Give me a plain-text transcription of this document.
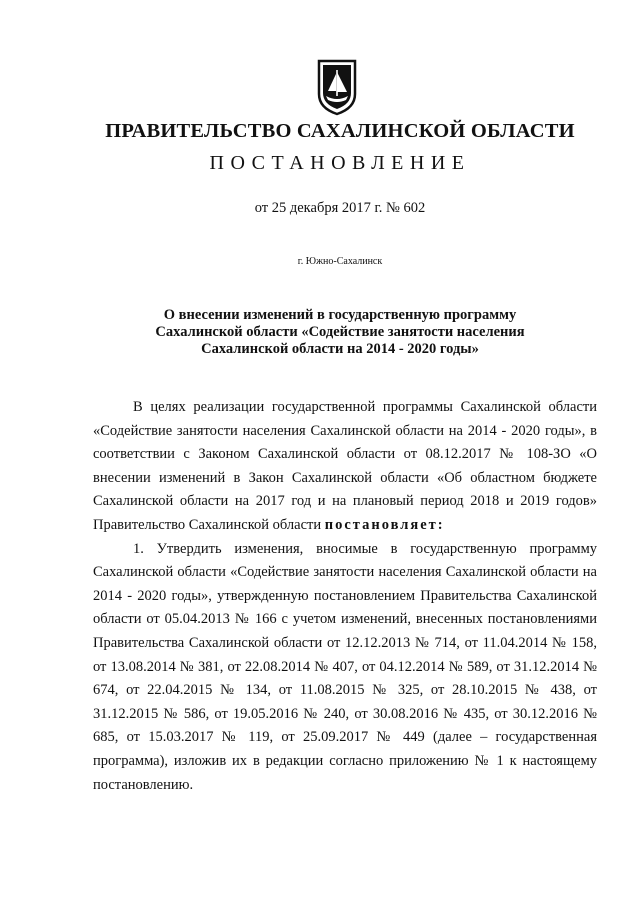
ПРАВИТЕЛЬСТВО САХАЛИНСКОЙ ОБЛАСТИ
ПОСТАНОВЛЕНИЕ
от 25 декабря 2017 г. № 602
г. Южно-Сахалинск
О внесении изменений в государственную программу
Сахалинской области «Содействие занятости населения
Сахалинской области на 2014 - 2020 годы»

В целях реализации государственной программы Сахалинской области «Содействие занятости населения Сахалинской области на 2014 - 2020 годы», в соответствии с Законом Сахалинской области от 08.12.2017 № 108-ЗО «О внесении изменений в Закон Сахалинской области «Об областном бюджете Сахалинской области на 2017 год и на плановый период 2018 и 2019 годов» Правительство Сахалинской области постановляет:

1. Утвердить изменения, вносимые в государственную программу Сахалинской области «Содействие занятости населения Сахалинской области на 2014 - 2020 годы», утвержденную постановлением Правительства Сахалинской области от 05.04.2013 № 166 с учетом изменений, внесенных постановлениями Правительства Сахалинской области от 12.12.2013 № 714, от 11.04.2014 № 158, от 13.08.2014 № 381, от 22.08.2014 № 407, от 04.12.2014 № 589, от 31.12.2014 № 674, от 22.04.2015 № 134, от 11.08.2015 № 325, от 28.10.2015 № 438, от 31.12.2015 № 586, от 19.05.2016 № 240, от 30.08.2016 № 435, от 30.12.2016 № 685, от 15.03.2017 № 119, от 25.09.2017 № 449 (далее – государственная программа), изложив их в редакции согласно приложению № 1 к настоящему постановлению.
